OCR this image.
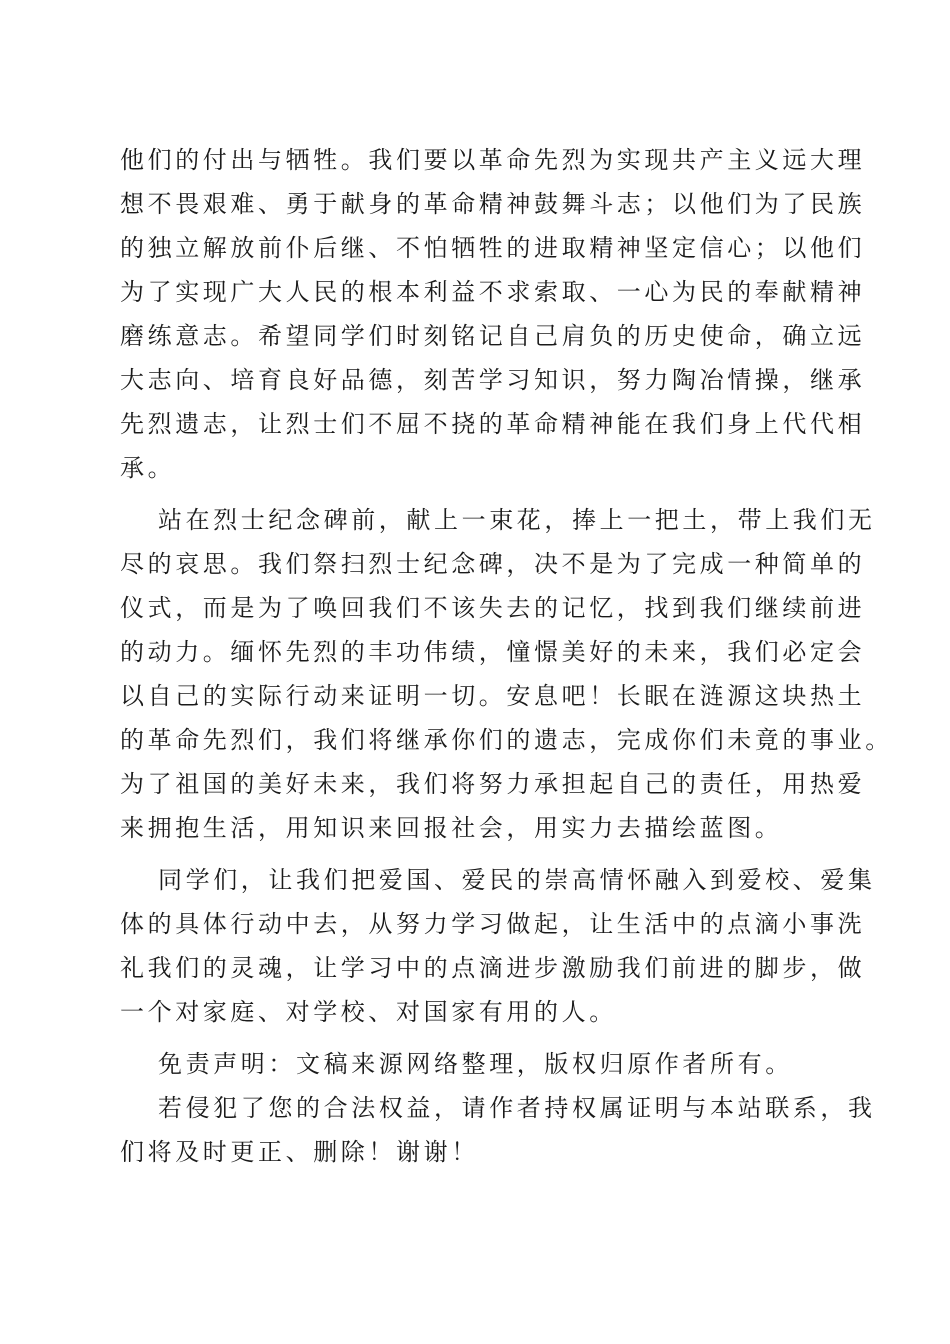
他们的付出与牺牲。我们要以革命先烈为实现共产主义远大理
想不畏艰难、勇于献身的革命精神鼓舞斗志；以他们为了民族
的独立解放前仆后继、不怕牺牲的进取精神坚定信心；以他们
为了实现广大人民的根本利益不求索取、一心为民的奉献精神
磨练意志。希望同学们时刻铭记自己肩负的历史使命，确立远
大志向、培育良好品德，刻苦学习知识，努力陶冶情操，继承
先烈遗志，让烈士们不屈不挠的革命精神能在我们身上代代相
承。
站在烈士纪念碑前，献上一束花，捧上一把土，带上我们无
尽的哀思。我们祭扫烈士纪念碑，决不是为了完成一种简单的
仪式，而是为了唤回我们不该失去的记忆，找到我们继续前进
的动力。缅怀先烈的丰功伟绩，憧憬美好的未来，我们必定会
以自己的实际行动来证明一切。安息吧！长眠在涟源这块热土
的革命先烈们，我们将继承你们的遗志，完成你们未竟的事业。
为了祖国的美好未来，我们将努力承担起自己的责任，用热爱
来拥抱生活，用知识来回报社会，用实力去描绘蓝图。
同学们，让我们把爱国、爱民的崇高情怀融入到爱校、爱集
体的具体行动中去，从努力学习做起，让生活中的点滴小事洗
礼我们的灵魂，让学习中的点滴进步激励我们前进的脚步，做
一个对家庭、对学校、对国家有用的人。
免责声明：文稿来源网络整理，版权归原作者所有。
若侵犯了您的合法权益，请作者持权属证明与本站联系，我
们将及时更正、删除！谢谢！
